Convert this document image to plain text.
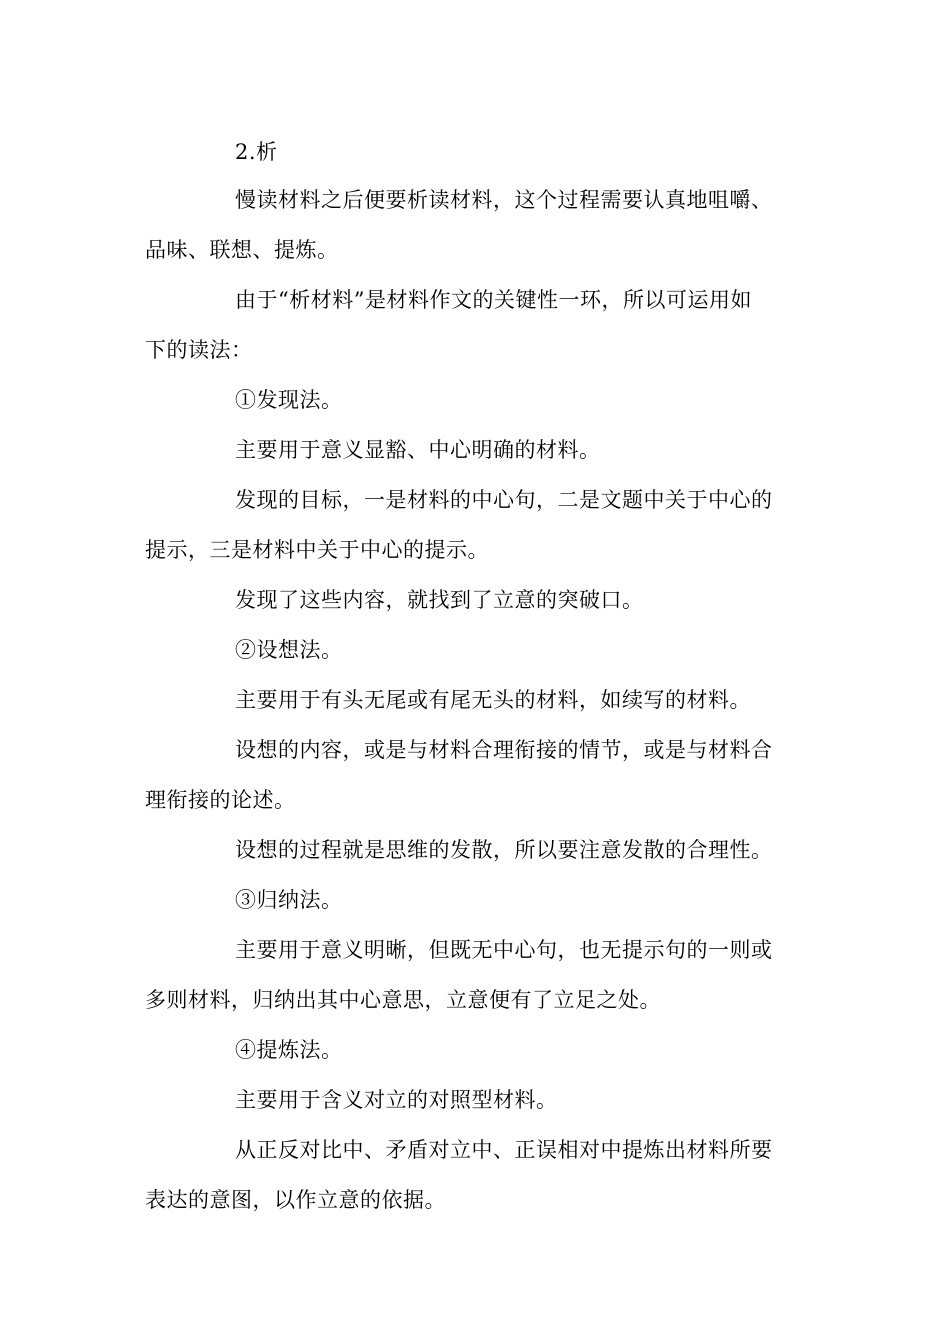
2.析
慢读材料之后便要析读材料，这个过程需要认真地咀嚼、
品味、联想、提炼。
由于“析材料”是材料作文的关键性一环，所以可运用如
下的读法：
①发现法。
主要用于意义显豁、中心明确的材料。
发现的目标，一是材料的中心句，二是文题中关于中心的
提示，三是材料中关于中心的提示。
发现了这些内容，就找到了立意的突破口。
②设想法。
主要用于有头无尾或有尾无头的材料，如续写的材料。
设想的内容，或是与材料合理衔接的情节，或是与材料合
理衔接的论述。
设想的过程就是思维的发散，所以要注意发散的合理性。
③归纳法。
主要用于意义明晰，但既无中心句，也无提示句的一则或
多则材料，归纳出其中心意思，立意便有了立足之处。
④提炼法。
主要用于含义对立的对照型材料。
从正反对比中、矛盾对立中、正误相对中提炼出材料所要
表达的意图，以作立意的依据。
